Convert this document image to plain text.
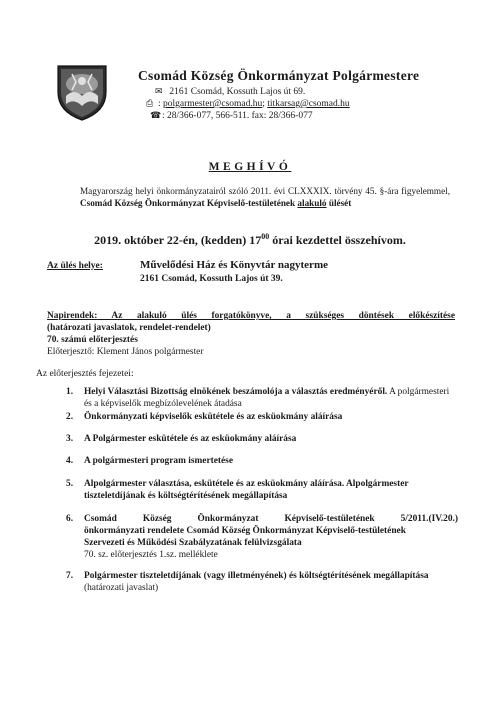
Csomád Község Önkormányzat Polgármestere
✉ 2161 Csomád, Kossuth Lajos út 69.
⎙ : polgarmester@csomad.hu; titkarsag@csomad.hu
☎: 28/366-077, 566-511. fax: 28/366-077
MEGHÍVÓ
Magyarország helyi önkormányzatairól szóló 2011. évi CLXXXIX. törvény 45. §-ára figyelemmel, Csomád Község Önkormányzat Képviselő-testületének alakuló ülését
2019. október 22-én, (kedden) $17^{00}$ órai kezdettel összehívom.
Az ülés helye:	Művelődési Ház és Könyvtár nagyterme
2161 Csomád, Kossuth Lajos út 39.
Napirendek: Az alakuló ülés forgatókönyve, a szükséges döntések előkészítése
(határozati javaslatok, rendelet-rendelet)
70. számú előterjesztés
Előterjesztő: Klement János polgármester
Az előterjesztés fejezetei:
1. Helyi Választási Bizottság elnökének beszámolója a választás eredményéről. A polgármesteri és a képviselők megbízólevelének átadása
2. Önkormányzati képviselők eskütétele és az esküokmány aláírása
3. A Polgármester eskütétele és az esküokmány aláírása
4. A polgármesteri program ismertetése
5. Alpolgármester választása, eskütétele és az esküokmány aláírása. Alpolgármester tiszteletdíjának és költségtérítésének megállapítása
6. Csomád Község Önkormányzat Képviselő-testületének 5/2011.(IV.20.)
önkormányzati rendelete Csomád Község Önkormányzat Képviselő-testületének
Szervezeti és Működési Szabályzatának felülvizsgálata
70. sz. előterjesztés 1.sz. melléklete
7. Polgármester tiszteletdíjának (vagy illetményének) és költségtérítésének megállapítása (határozati javaslat)
